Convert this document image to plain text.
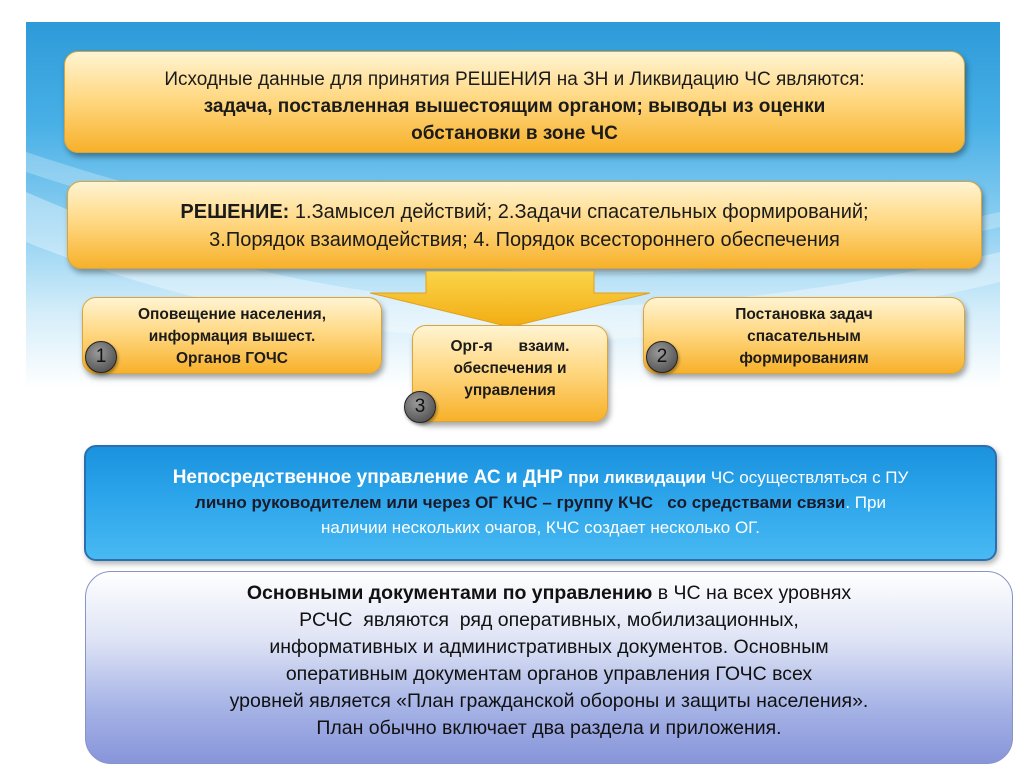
Исходные данные для принятия РЕШЕНИЯ на ЗН и Ликвидацию ЧС являются:
задача, поставленная вышестоящим органом; выводы из оценки
обстановки в зоне ЧС
РЕШЕНИЕ: 1.Замысел действий; 2.Задачи спасательных формирований;
3.Порядок взаимодействия; 4. Порядок всестороннего обеспечения
Оповещение населения,
информация вышест.
Органов ГОЧС
1
Постановка задач
спасательным
формированиям
2
Орг-я      взаим.
обеспечения и
управления
3
Непосредственное управление АС и ДНР при ликвидации ЧС осуществляться с ПУ
лично руководителем или через ОГ КЧС – группу КЧС   со средствами связи. При
наличии нескольких очагов, КЧС создает несколько ОГ.
Основными документами по управлению в ЧС на всех уровнях
РСЧС  являются  ряд оперативных, мобилизационных,
информативных и административных документов. Основным
оперативным документам органов управления ГОЧС всех
уровней является «План гражданской обороны и защиты населения».
План обычно включает два раздела и приложения.
